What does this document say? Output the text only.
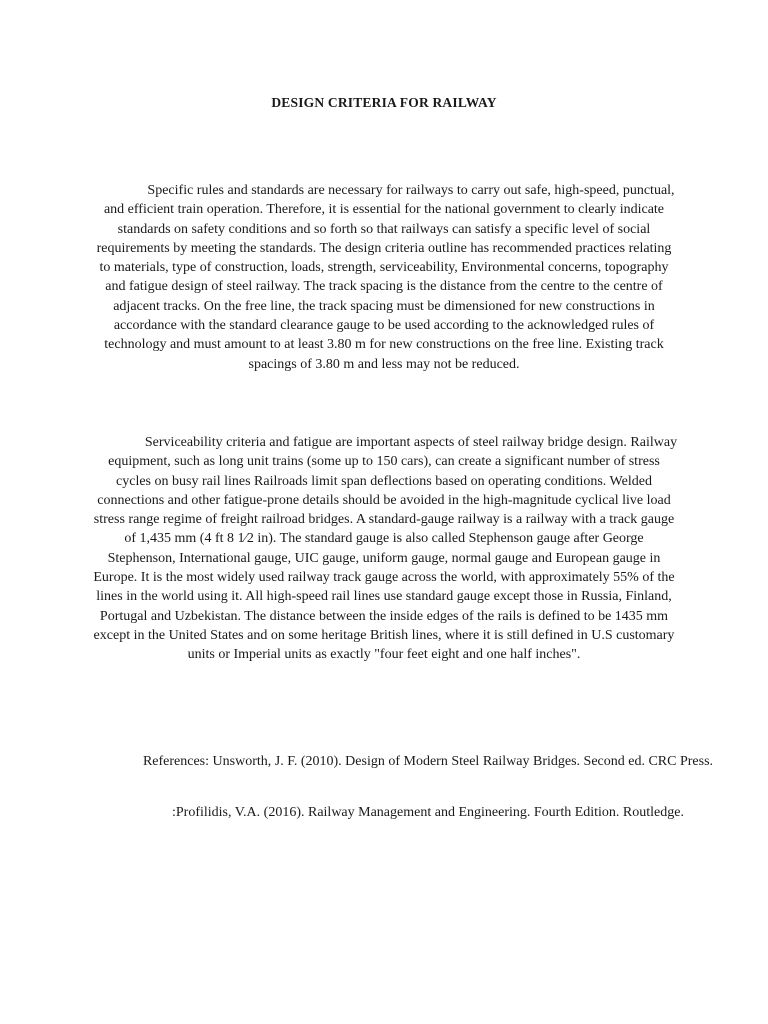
DESIGN CRITERIA FOR RAILWAY
Specific rules and standards are necessary for railways to carry out safe, high-speed, punctual, and efficient train operation. Therefore, it is essential for the national government to clearly indicate standards on safety conditions and so forth so that railways can satisfy a specific level of social requirements by meeting the standards. The design criteria outline has recommended practices relating to materials, type of construction, loads, strength, serviceability, Environmental concerns, topography and fatigue design of steel railway. The track spacing is the distance from the centre to the centre of adjacent tracks. On the free line, the track spacing must be dimensioned for new constructions in accordance with the standard clearance gauge to be used according to the acknowledged rules of technology and must amount to at least 3.80 m for new constructions on the free line. Existing track spacings of 3.80 m and less may not be reduced.
Serviceability criteria and fatigue are important aspects of steel railway bridge design. Railway equipment, such as long unit trains (some up to 150 cars), can create a significant number of stress cycles on busy rail lines Railroads limit span deflections based on operating conditions. Welded connections and other fatigue-prone details should be avoided in the high-magnitude cyclical live load stress range regime of freight railroad bridges. A standard-gauge railway is a railway with a track gauge of 1,435 mm (4 ft 8 1⁄2 in). The standard gauge is also called Stephenson gauge after George Stephenson, International gauge, UIC gauge, uniform gauge, normal gauge and European gauge in Europe. It is the most widely used railway track gauge across the world, with approximately 55% of the lines in the world using it. All high-speed rail lines use standard gauge except those in Russia, Finland, Portugal and Uzbekistan. The distance between the inside edges of the rails is defined to be 1435 mm except in the United States and on some heritage British lines, where it is still defined in U.S customary units or Imperial units as exactly "four feet eight and one half inches".
References: Unsworth, J. F. (2010). Design of Modern Steel Railway Bridges. Second ed. CRC Press.
:Profilidis, V.A. (2016). Railway Management and Engineering. Fourth Edition. Routledge.
